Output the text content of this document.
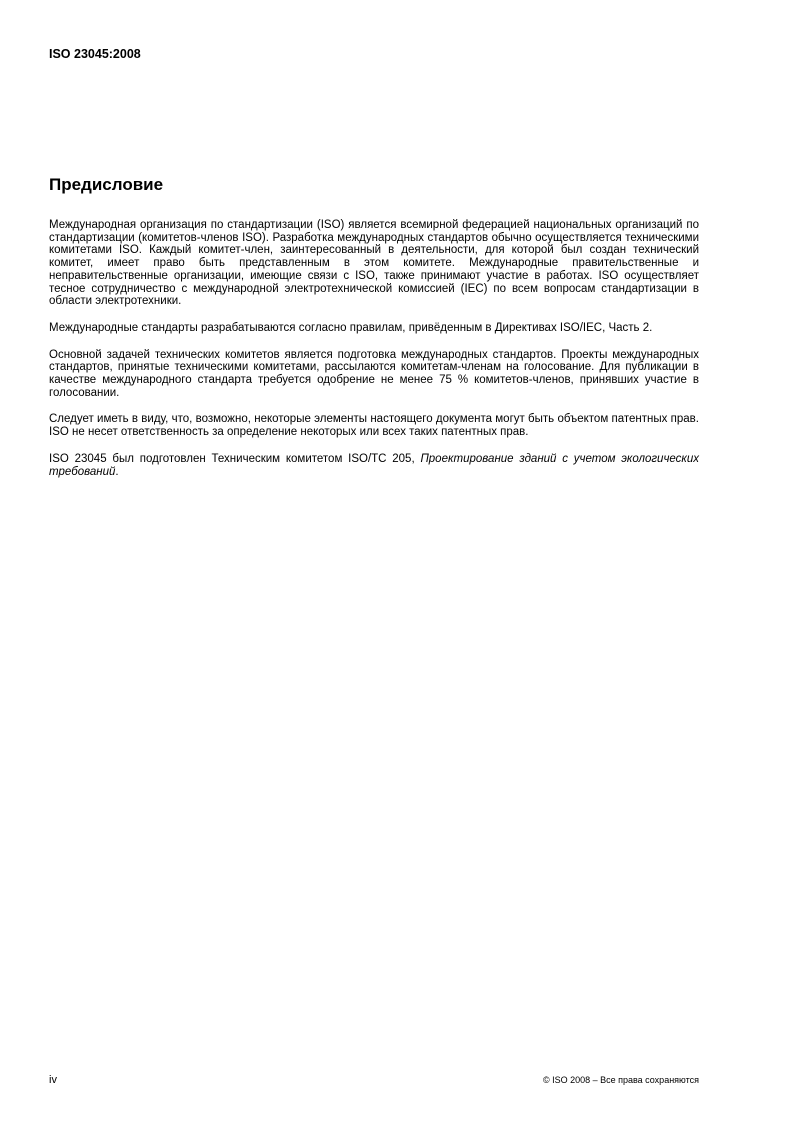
ISO 23045:2008

Предисловие

Международная организация по стандартизации (ISO) является всемирной федерацией национальных организаций по стандартизации (комитетов-членов ISO). Разработка международных стандартов обычно осуществляется техническими комитетами ISO. Каждый комитет-член, заинтересованный в деятельности, для которой был создан технический комитет, имеет право быть представленным в этом комитете. Международные правительственные и неправительственные организации, имеющие связи с ISO, также принимают участие в работах. ISO осуществляет тесное сотрудничество с международной электротехнической комиссией (IEC) по всем вопросам стандартизации в области электротехники.

Международные стандарты разрабатываются согласно правилам, привёденным в Директивах ISO/IEC, Часть 2.

Основной задачей технических комитетов является подготовка международных стандартов. Проекты международных стандартов, принятые техническими комитетами, рассылаются комитетам-членам на голосование. Для публикации в качестве международного стандарта требуется одобрение не менее 75 % комитетов-членов, принявших участие в голосовании.

Следует иметь в виду, что, возможно, некоторые элементы настоящего документа могут быть объектом патентных прав. ISO не несет ответственность за определение некоторых или всех таких патентных прав.

ISO 23045 был подготовлен Техническим комитетом ISO/TC 205, Проектирование зданий с учетом экологических требований.

iv	© ISO 2008 – Все права сохраняются
